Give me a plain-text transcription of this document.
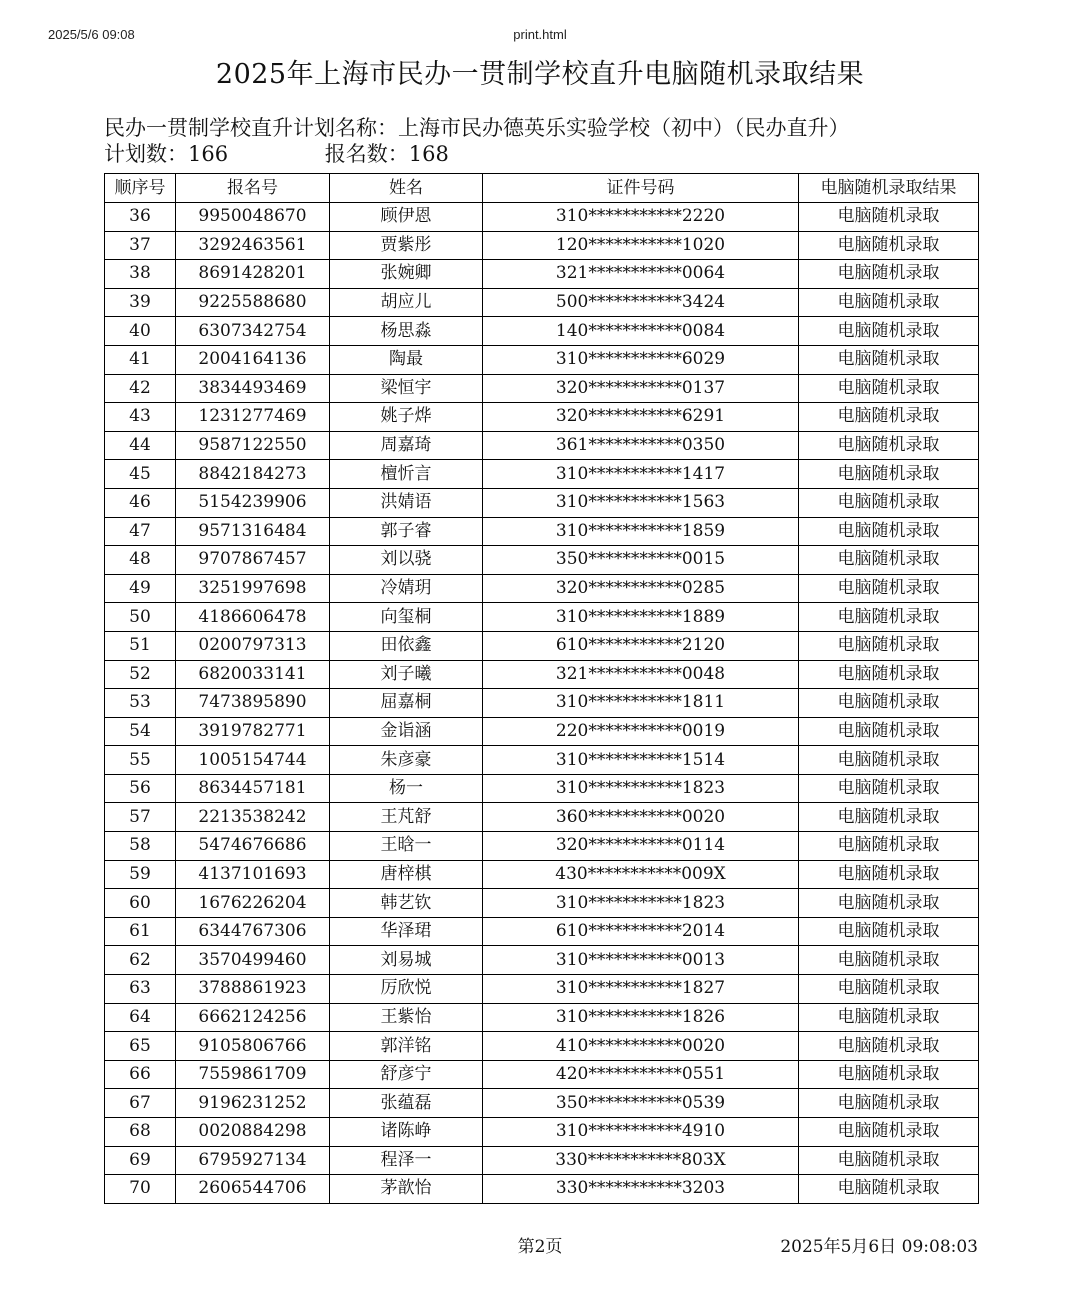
2025/5/6 09:08	print.html
2025年上海市民办一贯制学校直升电脑随机录取结果
民办一贯制学校直升计划名称：上海市民办德英乐实验学校（初中）（民办直升）
计划数：166	报名数：168
顺序号	报名号	姓名	证件号码	电脑随机录取结果
36	9950048670	顾伊恩	310***********2220	电脑随机录取
37	3292463561	贾紫彤	120***********1020	电脑随机录取
38	8691428201	张婉卿	321***********0064	电脑随机录取
39	9225588680	胡应儿	500***********3424	电脑随机录取
40	6307342754	杨思淼	140***********0084	电脑随机录取
41	2004164136	陶最	310***********6029	电脑随机录取
42	3834493469	梁恒宇	320***********0137	电脑随机录取
43	1231277469	姚子烨	320***********6291	电脑随机录取
44	9587122550	周嘉琦	361***********0350	电脑随机录取
45	8842184273	檀忻言	310***********1417	电脑随机录取
46	5154239906	洪婧语	310***********1563	电脑随机录取
47	9571316484	郭子睿	310***********1859	电脑随机录取
48	9707867457	刘以骁	350***********0015	电脑随机录取
49	3251997698	冷婧玥	320***********0285	电脑随机录取
50	4186606478	向玺桐	310***********1889	电脑随机录取
51	0200797313	田依鑫	610***********2120	电脑随机录取
52	6820033141	刘子曦	321***********0048	电脑随机录取
53	7473895890	屈嘉桐	310***********1811	电脑随机录取
54	3919782771	金诣涵	220***********0019	电脑随机录取
55	1005154744	朱彦豪	310***********1514	电脑随机录取
56	8634457181	杨一	310***********1823	电脑随机录取
57	2213538242	王芃舒	360***********0020	电脑随机录取
58	5474676686	王晗一	320***********0114	电脑随机录取
59	4137101693	唐梓棋	430***********009X	电脑随机录取
60	1676226204	韩艺钦	310***********1823	电脑随机录取
61	6344767306	华泽珺	610***********2014	电脑随机录取
62	3570499460	刘易城	310***********0013	电脑随机录取
63	3788861923	厉欣悦	310***********1827	电脑随机录取
64	6662124256	王紫怡	310***********1826	电脑随机录取
65	9105806766	郭洋铭	410***********0020	电脑随机录取
66	7559861709	舒彦宁	420***********0551	电脑随机录取
67	9196231252	张蕴磊	350***********0539	电脑随机录取
68	0020884298	诸陈峥	310***********4910	电脑随机录取
69	6795927134	程泽一	330***********803X	电脑随机录取
70	2606544706	茅歆怡	330***********3203	电脑随机录取
第2页	2025年5月6日 09:08:03
